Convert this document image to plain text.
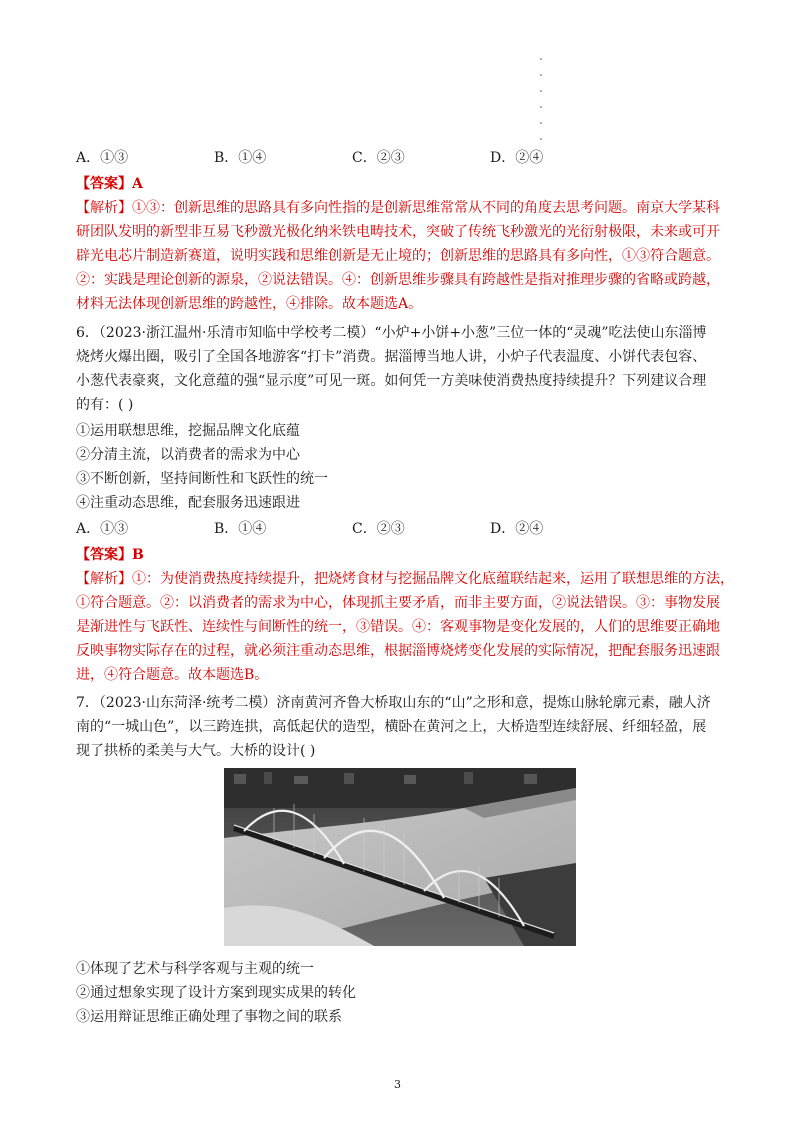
A．①③	B．①④	C．②③	D．②④
【答案】A
【解析】①③：创新思维的思路具有多向性指的是创新思维常常从不同的角度去思考问题。南京大学某科
研团队发明的新型非互易飞秒激光极化纳米铁电畴技术，突破了传统飞秒激光的光衍射极限，未来或可开
辟光电芯片制造新赛道，说明实践和思维创新是无止境的；创新思维的思路具有多向性，①③符合题意。
②：实践是理论创新的源泉，②说法错误。④：创新思维步骤具有跨越性是指对推理步骤的省略或跨越，
材料无法体现创新思维的跨越性，④排除。故本题选A。
6．（2023·浙江温州·乐清市知临中学校考二模）“小炉+小饼+小葱”三位一体的“灵魂”吃法使山东淄博
烧烤火爆出圈，吸引了全国各地游客“打卡”消费。据淄博当地人讲，小炉子代表温度、小饼代表包容、
小葱代表豪爽，文化意蕴的强“显示度”可见一斑。如何凭一方美味使消费热度持续提升？下列建议合理
的有：( )
①运用联想思维，挖掘品牌文化底蕴
②分清主流，以消费者的需求为中心
③不断创新，坚持间断性和飞跃性的统一
④注重动态思维，配套服务迅速跟进
A．①③	B．①④	C．②③	D．②④
【答案】B
【解析】①：为使消费热度持续提升，把烧烤食材与挖掘品牌文化底蕴联结起来，运用了联想思维的方法，
①符合题意。②：以消费者的需求为中心，体现抓主要矛盾，而非主要方面，②说法错误。③：事物发展
是渐进性与飞跃性、连续性与间断性的统一，③错误。④：客观事物是变化发展的，人们的思维要正确地
反映事物实际存在的过程，就必须注重动态思维，根据淄博烧烤变化发展的实际情况，把配套服务迅速跟
进，④符合题意。故本题选B。
7．（2023·山东菏泽·统考二模）济南黄河齐鲁大桥取山东的“山”之形和意，提炼山脉轮廓元素，融人济
南的“一城山色”，以三跨连拱，高低起伏的造型，横卧在黄河之上，大桥造型连续舒展、纤细轻盈，展
现了拱桥的柔美与大气。大桥的设计( )
①体现了艺术与科学客观与主观的统一
②通过想象实现了设计方案到现实成果的转化
③运用辩证思维正确处理了事物之间的联系
3
